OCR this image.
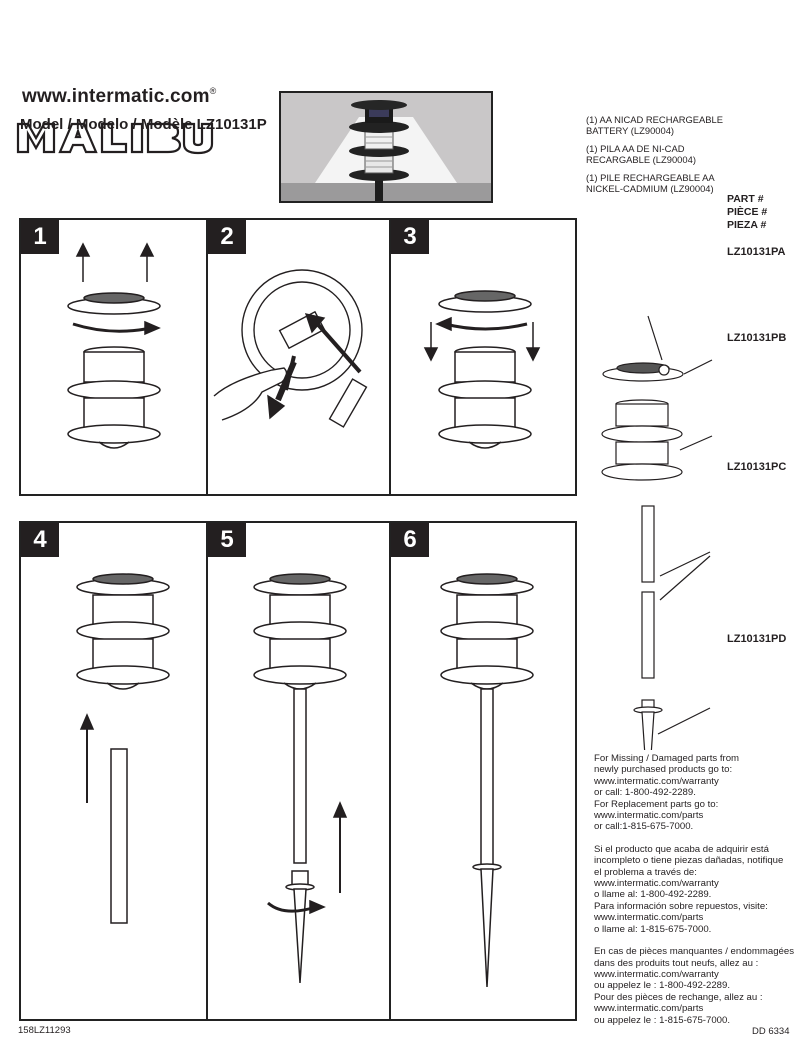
www.intermatic.com®
Model / Modelo / Modèle LZ10131P	(1) AA NICAD RECHARGEABLE BATTERY (LZ90004)

(1) PILA AA DE NI-CAD RECARGABLE (LZ90004)

(1) PILE RECHARGEABLE AA NICKEL-CADMIUM (LZ90004)

PART #
PIÈCE #
PIEZA #
LZ10131PA
LZ10131PB
LZ10131PC
LZ10131PD
1	2	3
4	5	6

For Missing / Damaged parts from
newly purchased products go to:
www.intermatic.com/warranty
or call: 1-800-492-2289.
For Replacement parts go to:
www.intermatic.com/parts
or call:1-815-675-7000.

Si el producto que acaba de adquirir está
incompleto o tiene piezas dañadas, notifique
el problema a través de:
www.intermatic.com/warranty
o llame al: 1-800-492-2289.
Para información sobre repuestos, visite:
www.intermatic.com/parts
o llame al: 1-815-675-7000.

En cas de pièces manquantes / endommagées
dans des produits tout neufs, allez au :
www.intermatic.com/warranty
ou appelez le : 1-800-492-2289.
Pour des pièces de rechange, allez au :
www.intermatic.com/parts
ou appelez le : 1-815-675-7000.

158LZ11293	DD 6334
